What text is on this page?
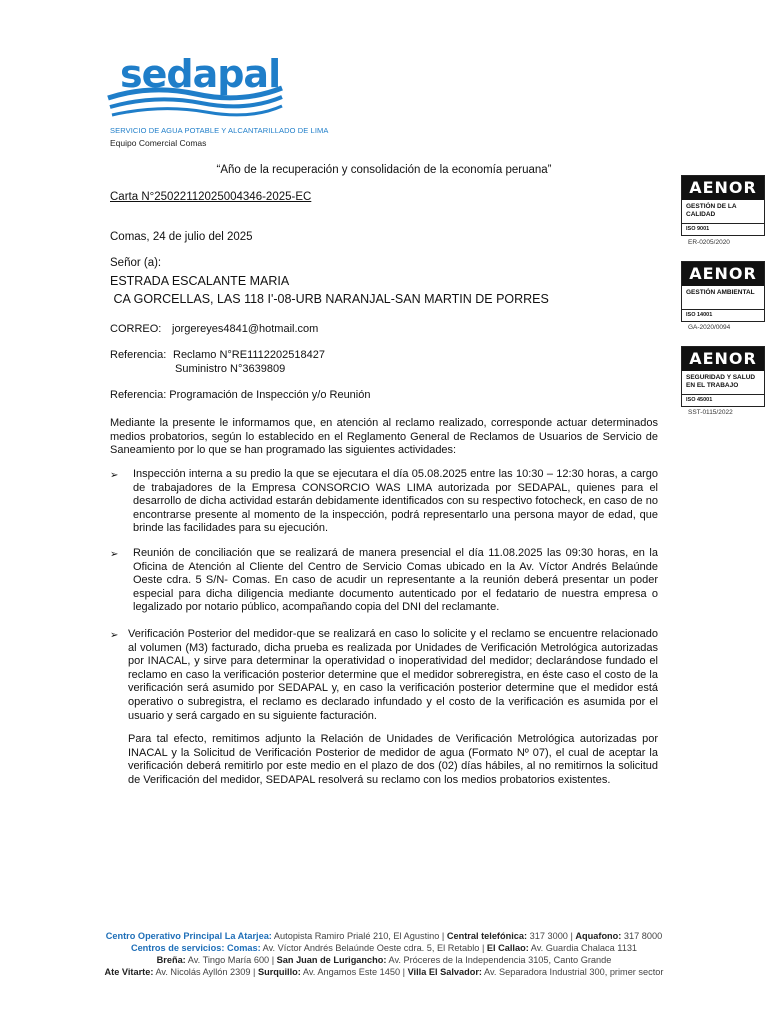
sedapal
SERVICIO DE AGUA POTABLE Y ALCANTARILLADO DE LIMA
Equipo Comercial Comas
“Año de la recuperación y consolidación de la economía peruana”
Carta N°25022112025004346-2025-EC
Comas, 24 de julio del 2025
Señor (a):
ESTRADA ESCALANTE MARIA
CA GORCELLAS, LAS 118 I'-08-URB NARANJAL-SAN MARTIN DE PORRES
CORREO: jorgereyes4841@hotmail.com
Referencia: Reclamo N°RE1112202518427
Suministro N°3639809
Referencia: Programación de Inspección y/o Reunión
Mediante la presente le informamos que, en atención al reclamo realizado, corresponde actuar determinados medios probatorios, según lo establecido en el Reglamento General de Reclamos de Usuarios de Servicio de Saneamiento por lo que se han programado las siguientes actividades:
➢ Inspección interna a su predio la que se ejecutara el día 05.08.2025 entre las 10:30 – 12:30 horas, a cargo de trabajadores de la Empresa CONSORCIO WAS LIMA autorizada por SEDAPAL, quienes para el desarrollo de dicha actividad estarán debidamente identificados con su respectivo fotocheck, en caso de no encontrarse presente al momento de la inspección, podrá representarlo una persona mayor de edad, que brinde las facilidades para su ejecución.
➢ Reunión de conciliación que se realizará de manera presencial el día 11.08.2025 las 09:30 horas, en la Oficina de Atención al Cliente del Centro de Servicio Comas ubicado en la Av. Víctor Andrés Belaúnde Oeste cdra. 5 S/N- Comas. En caso de acudir un representante a la reunión deberá presentar un poder especial para dicha diligencia mediante documento autenticado por el fedatario de nuestra empresa o legalizado por notario público, acompañando copia del DNI del reclamante.
➢ Verificación Posterior del medidor-que se realizará en caso lo solicite y el reclamo se encuentre relacionado al volumen (M3) facturado, dicha prueba es realizada por Unidades de Verificación Metrológica autorizadas por INACAL, y sirve para determinar la operatividad o inoperatividad del medidor; declarándose fundado el reclamo en caso la verificación posterior determine que el medidor sobreregistra, en éste caso el costo de la verificación será asumido por SEDAPAL y, en caso la verificación posterior determine que el medidor está operativo o subregistra, el reclamo es declarado infundado y el costo de la verificación es asumida por el usuario y será cargado en su siguiente facturación.
Para tal efecto, remitimos adjunto la Relación de Unidades de Verificación Metrológica autorizadas por INACAL y la Solicitud de Verificación Posterior de medidor de agua (Formato Nº 07), el cual de aceptar la verificación deberá remitirlo por este medio en el plazo de dos (02) días hábiles, al no remitirnos la solicitud de Verificación del medidor, SEDAPAL resolverá su reclamo con los medios probatorios existentes.
AENOR
GESTIÓN DE LA CALIDAD
ISO 9001
ER-0205/2020
AENOR
GESTIÓN AMBIENTAL
ISO 14001
GA-2020/0094
AENOR
SEGURIDAD Y SALUD EN EL TRABAJO
ISO 45001
SST-0115/2022
Centro Operativo Principal La Atarjea: Autopista Ramiro Prialé 210, El Agustino | Central telefónica: 317 3000 | Aquafono: 317 8000
Centros de servicios: Comas: Av. Víctor Andrés Belaúnde Oeste cdra. 5, El Retablo | El Callao: Av. Guardia Chalaca 1131
Breña: Av. Tingo María 600 | San Juan de Lurigancho: Av. Próceres de la Independencia 3105, Canto Grande
Ate Vitarte: Av. Nicolás Ayllón 2309 | Surquillo: Av. Angamos Este 1450 | Villa El Salvador: Av. Separadora Industrial 300, primer sector
